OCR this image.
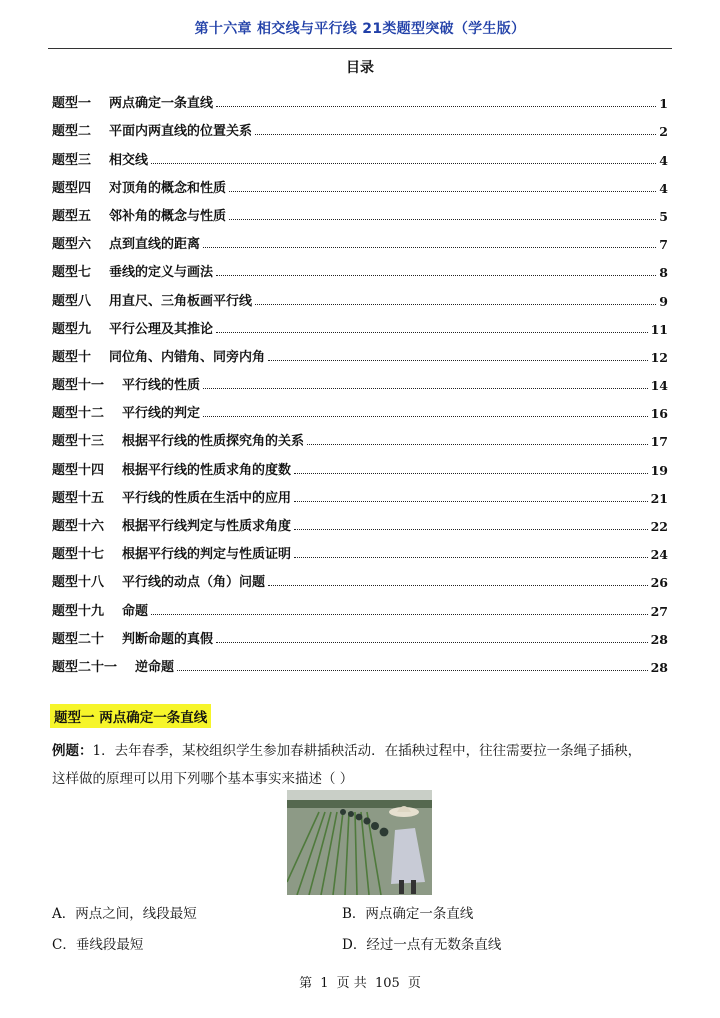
第十六章 相交线与平行线 21类题型突破（学生版）
目录
题型一 两点确定一条直线	1
题型二 平面内两直线的位置关系	2
题型三 相交线	4
题型四 对顶角的概念和性质	4
题型五 邻补角的概念与性质	5
题型六 点到直线的距离	7
题型七 垂线的定义与画法	8
题型八 用直尺、三角板画平行线	9
题型九 平行公理及其推论	11
题型十 同位角、内错角、同旁内角	12
题型十一 平行线的性质	14
题型十二 平行线的判定	16
题型十三 根据平行线的性质探究角的关系	17
题型十四 根据平行线的性质求角的度数	19
题型十五 平行线的性质在生活中的应用	21
题型十六 根据平行线判定与性质求角度	22
题型十七 根据平行线的判定与性质证明	24
题型十八 平行线的动点（角）问题	26
题型十九 命题	27
题型二十 判断命题的真假	28
题型二十一 逆命题	28
题型一 两点确定一条直线
例题：1．去年春季，某校组织学生参加春耕插秧活动．在插秧过程中，往往需要拉一条绳子插秧，
这样做的原理可以用下列哪个基本事实来描述（ ）
A．两点之间，线段最短	B．两点确定一条直线
C．垂线段最短	D．经过一点有无数条直线
第 1 页 共 105 页
